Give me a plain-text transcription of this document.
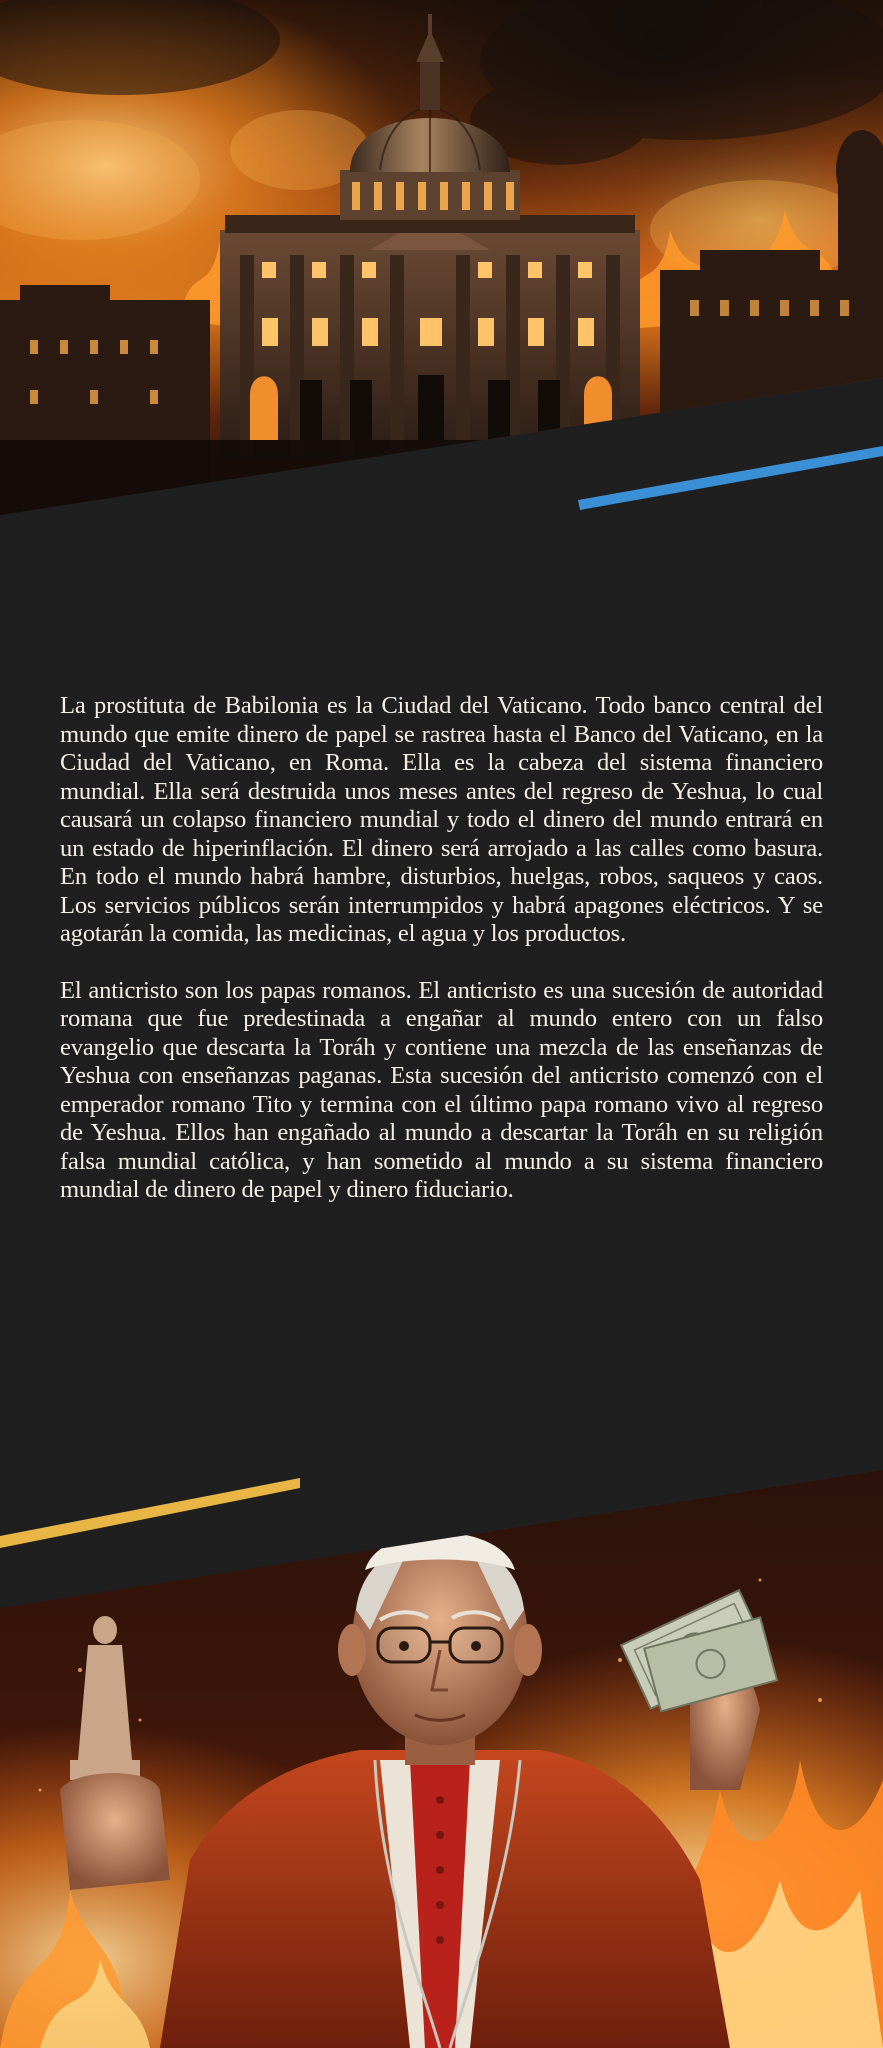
La prostituta de Babilonia es la Ciudad del Vaticano. Todo banco central del mundo que emite dinero de papel se rastrea hasta el Banco del Vaticano, en la Ciudad del Vaticano, en Roma. Ella es la cabeza del sistema financiero mundial. Ella será destruida unos meses antes del regreso de Yeshua, lo cual causará un colapso financiero mundial y todo el dinero del mundo entrará en un estado de hiperinflación. El dinero será arrojado a las calles como basura. En todo el mundo habrá hambre, disturbios, huelgas, robos, saqueos y caos. Los servicios públicos serán interrumpidos y habrá apagones eléctricos. Y se agotarán la comida, las medicinas, el agua y los productos.

El anticristo son los papas romanos. El anticristo es una sucesión de autoridad romana que fue predestinada a engañar al mundo entero con un falso evangelio que descarta la Toráh y contiene una mezcla de las enseñanzas de Yeshua con enseñanzas paganas. Esta sucesión del anticristo comenzó con el emperador romano Tito y termina con el último papa romano vivo al regreso de Yeshua. Ellos han engañado al mundo a descartar la Toráh en su religión falsa mundial católica, y han sometido al mundo a su sistema financiero mundial de dinero de papel y dinero fiduciario.
